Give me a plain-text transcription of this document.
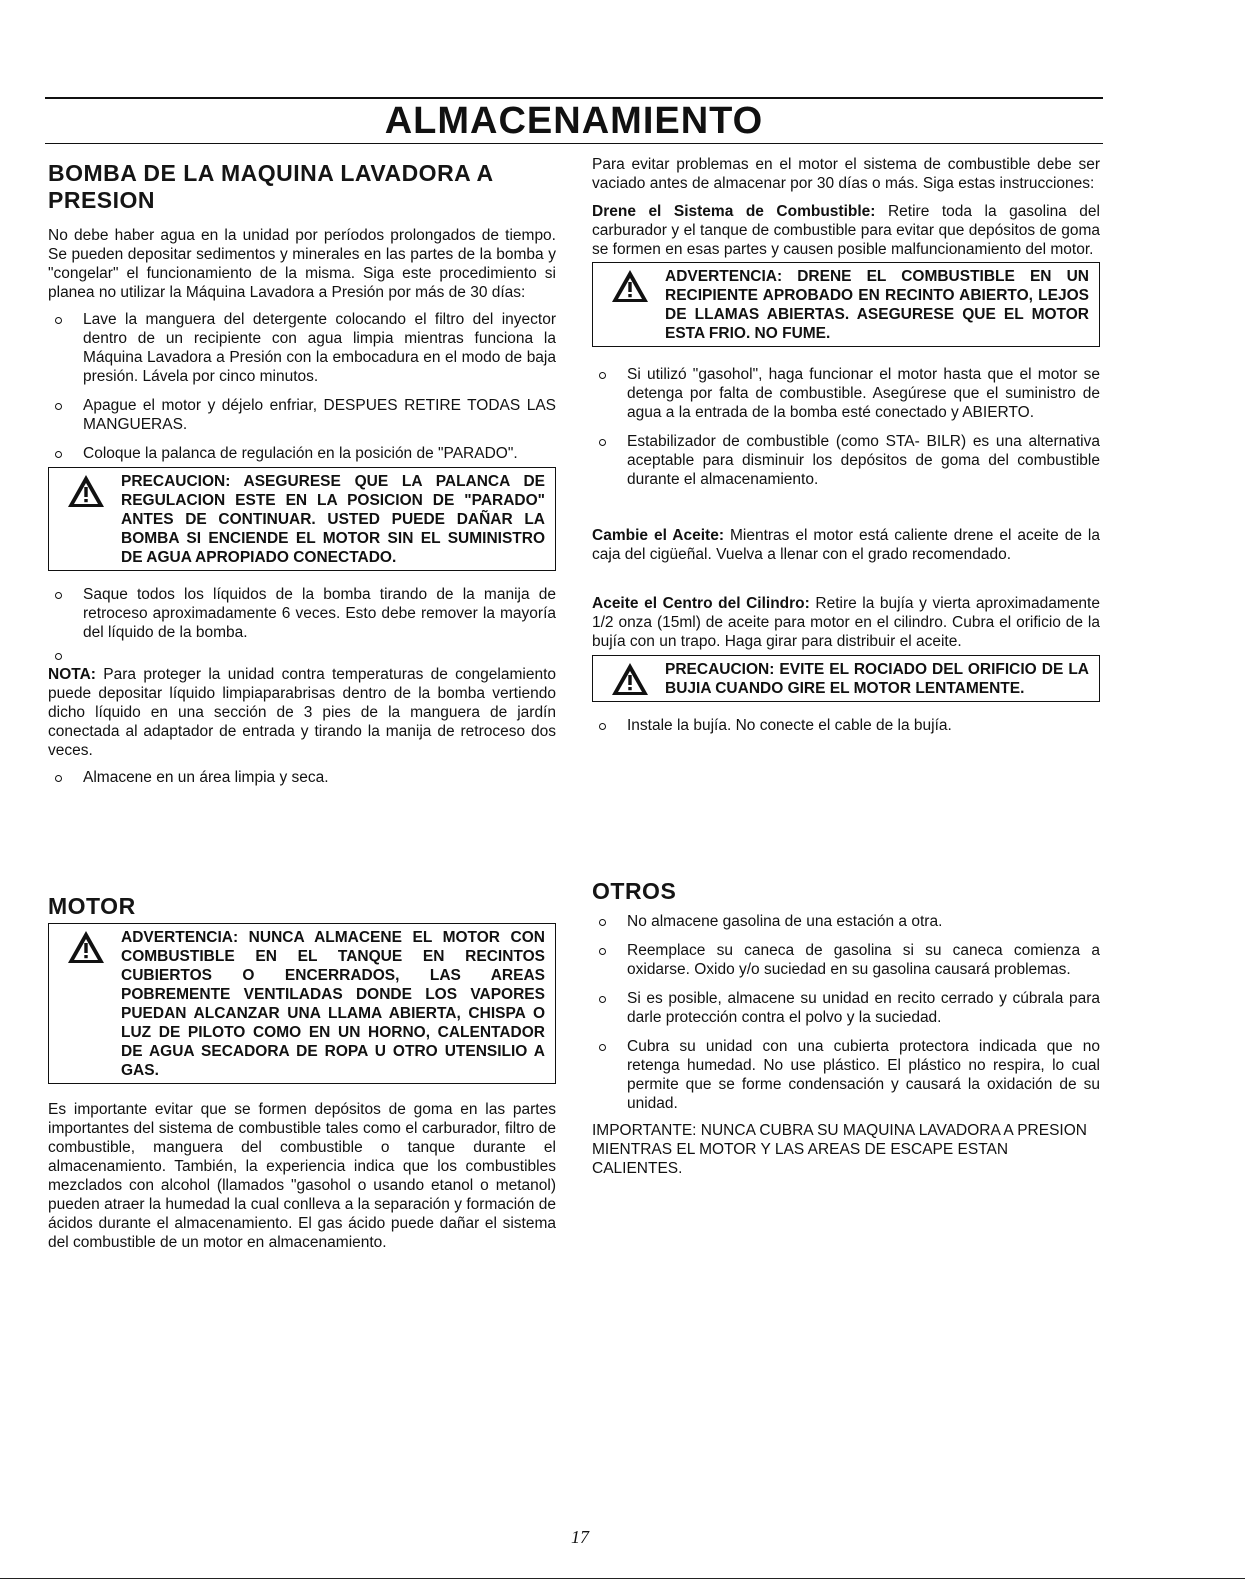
ALMACENAMIENTO
BOMBA DE LA MAQUINA LAVADORA A PRESION

No debe haber agua en la unidad por períodos prolongados de tiempo. Se pueden depositar sedimentos y minerales en las partes de la bomba y "congelar" el funcionamiento de la misma. Siga este procedimiento si planea no utilizar la Máquina Lavadora a Presión por más de 30 días:

Lave la manguera del detergente colocando el filtro del inyector dentro de un recipiente con agua limpia mientras funciona la Máquina Lavadora a Presión con la embocadura en el modo de baja presión. Lávela por cinco minutos.
Apague el motor y déjelo enfriar, DESPUES RETIRE TODAS LAS MANGUERAS.
Coloque la palanca de regulación en la posición de "PARADO".
PRECAUCION: ASEGURESE QUE LA PALANCA DE REGULACION ESTE EN LA POSICION DE "PARADO" ANTES DE CONTINUAR. USTED PUEDE DAÑAR LA BOMBA SI ENCIENDE EL MOTOR SIN EL SUMINISTRO DE AGUA APROPIADO CONECTADO.
Saque todos los líquidos de la bomba tirando de la manija de retroceso aproximadamente 6 veces. Esto debe remover la mayoría del líquido de la bomba.

NOTA: Para proteger la unidad contra temperaturas de congelamiento puede depositar líquido limpiaparabrisas dentro de la bomba vertiendo dicho líquido en una sección de 3 pies de la manguera de jardín conectada al adaptador de entrada y tirando la manija de retroceso dos veces.

Almacene en un área limpia y seca.
MOTOR
ADVERTENCIA: NUNCA ALMACENE EL MOTOR CON COMBUSTIBLE EN EL TANQUE EN RECINTOS CUBIERTOS O ENCERRADOS, LAS AREAS POBREMENTE VENTILADAS DONDE LOS VAPORES PUEDAN ALCANZAR UNA LLAMA ABIERTA, CHISPA O LUZ DE PILOTO COMO EN UN HORNO, CALENTADOR DE AGUA SECADORA DE ROPA U OTRO UTENSILIO A GAS.

Es importante evitar que se formen depósitos de goma en las partes importantes del sistema de combustible tales como el carburador, filtro de combustible, manguera del combustible o tanque durante el almacenamiento. También, la experiencia indica que los combustibles mezclados con alcohol (llamados "gasohol o usando etanol o metanol) pueden atraer la humedad la cual conlleva a la separación y formación de ácidos durante el almacenamiento. El gas ácido puede dañar el sistema del combustible de un motor en almacenamiento.

Para evitar problemas en el motor el sistema de combustible debe ser vaciado antes de almacenar por 30 días o más. Siga estas instrucciones:

Drene el Sistema de Combustible: Retire toda la gasolina del carburador y el tanque de combustible para evitar que depósitos de goma se formen en esas partes y causen posible malfuncionamiento del motor.

ADVERTENCIA: DRENE EL COMBUSTIBLE EN UN RECIPIENTE APROBADO EN RECINTO ABIERTO, LEJOS DE LLAMAS ABIERTAS. ASEGURESE QUE EL MOTOR ESTA FRIO. NO FUME.
Si utilizó "gasohol", haga funcionar el motor hasta que el motor se detenga por falta de combustible. Asegúrese que el suministro de agua a la entrada de la bomba esté conectado y ABIERTO.
Estabilizador de combustible (como STA- BILR) es una alternativa aceptable para disminuir los depósitos de goma del combustible durante el almacenamiento.

Cambie el Aceite: Mientras el motor está caliente drene el aceite de la caja del cigüeñal. Vuelva a llenar con el grado recomendado.

Aceite el Centro del Cilindro: Retire la bujía y vierta aproximadamente 1/2 onza (15ml) de aceite para motor en el cilindro. Cubra el orificio de la bujía con un trapo. Haga girar para distribuir el aceite.

PRECAUCION: EVITE EL ROCIADO DEL ORIFICIO DE LA BUJIA CUANDO GIRE EL MOTOR LENTAMENTE.
Instale la bujía. No conecte el cable de la bujía.
OTROS
No almacene gasolina de una estación a otra.
Reemplace su caneca de gasolina si su caneca comienza a oxidarse. Oxido y/o suciedad en su gasolina causará problemas.
Si es posible, almacene su unidad en recito cerrado y cúbrala para darle protección contra el polvo y la suciedad.
Cubra su unidad con una cubierta protectora indicada que no retenga humedad. No use plástico. El plástico no respira, lo cual permite que se forme condensación y causará la oxidación de su unidad.

IMPORTANTE: NUNCA CUBRA SU MAQUINA LAVADORA A PRESION MIENTRAS EL MOTOR Y LAS AREAS DE ESCAPE ESTAN CALIENTES.

17
